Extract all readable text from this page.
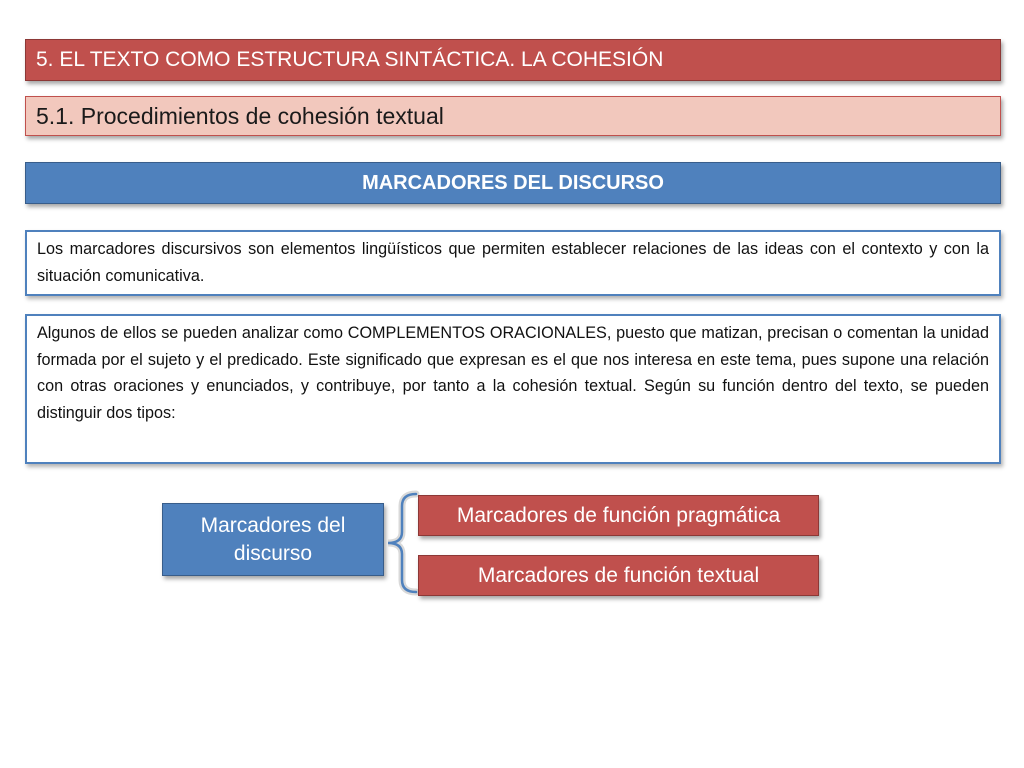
5. EL TEXTO COMO ESTRUCTURA SINTÁCTICA. LA COHESIÓN
5.1. Procedimientos de cohesión textual
MARCADORES DEL DISCURSO
Los marcadores discursivos son elementos lingüísticos que permiten establecer relaciones de las ideas con el contexto y con la situación comunicativa.
Algunos de ellos se pueden analizar como COMPLEMENTOS ORACIONALES, puesto que matizan, precisan o comentan la unidad formada por el sujeto y el predicado. Este significado que expresan es el que nos interesa en este tema, pues supone una relación con otras oraciones y enunciados, y contribuye, por tanto a la cohesión textual. Según su función dentro del texto, se pueden distinguir dos tipos:
Marcadores del discurso
Marcadores de función pragmática
Marcadores de función textual
